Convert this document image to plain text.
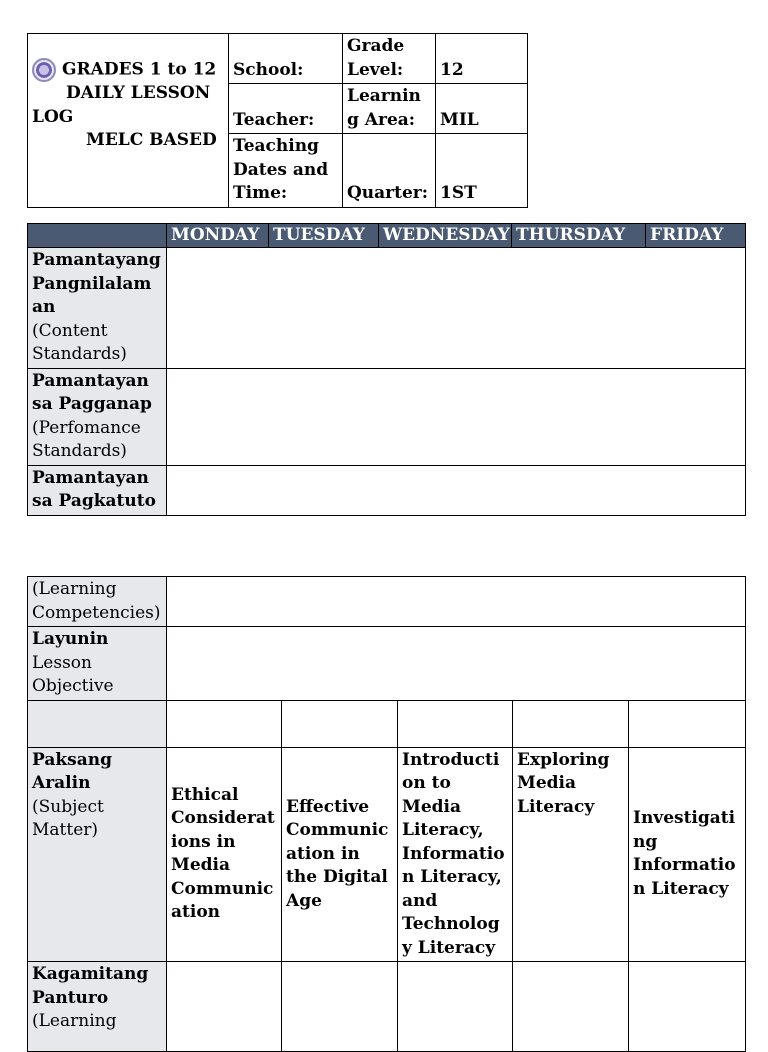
GRADES 1 to 12
DAILY LESSON
LOG
MELC BASED	School:	Grade Level:	12
	Teacher:	Learning Area:	MIL
	Teaching Dates and Time:	Quarter:	1ST
	MONDAY	TUESDAY	WEDNESDAY	THURSDAY	FRIDAY
Pamantayang Pangnilalaman
(Content Standards)					
Pamantayan sa Pagganap
(Perfomance Standards)					
Pamantayan sa Pagkatuto					
(Learning Competencies)					
Layunin
Lesson Objective					

Paksang Aralin
(Subject Matter)	Ethical Considerations in Media Communication	Effective Communication in the Digital Age	Introduction to Media Literacy, Information Literacy, and Technology Literacy	Exploring Media Literacy	Investigating Information Literacy
Kagamitang Panturo
(Learning					
